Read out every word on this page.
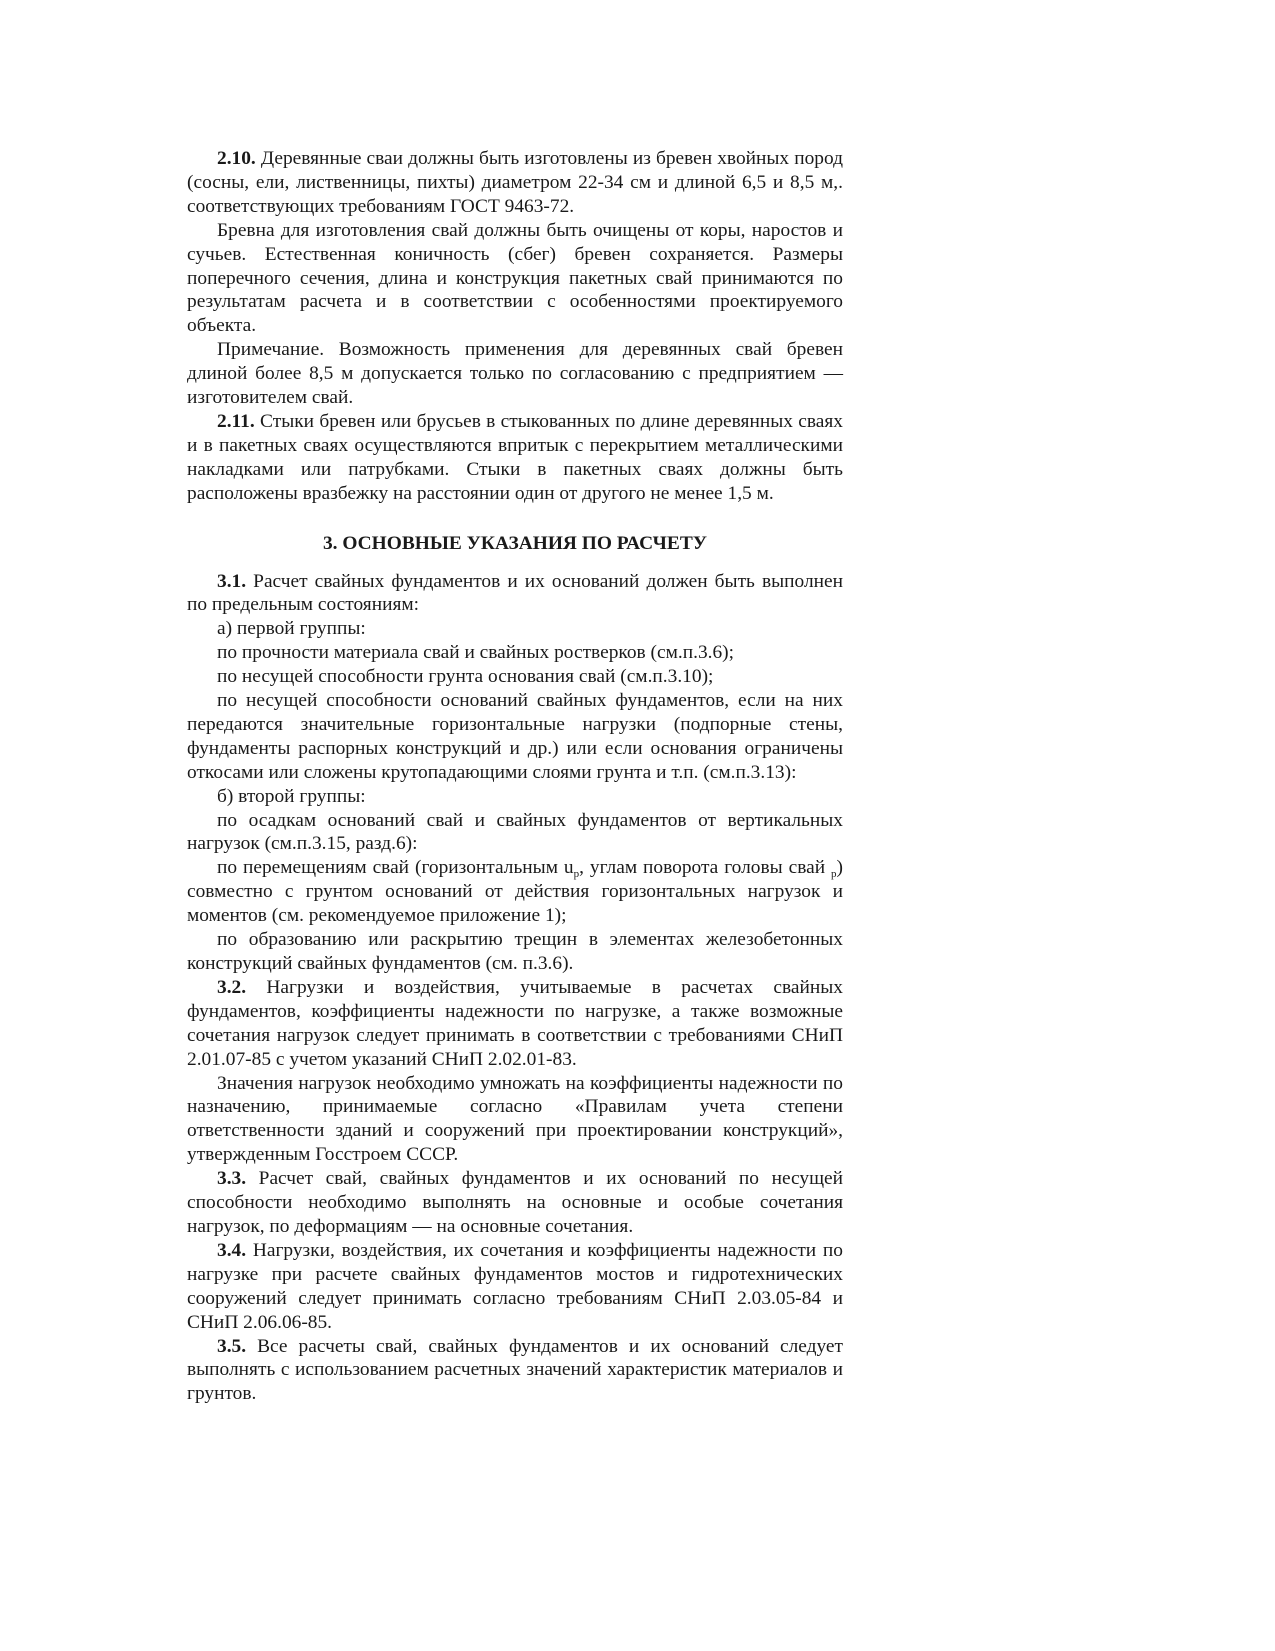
2.10. Деревянные сваи должны быть изготовлены из бревен хвойных пород (сосны, ели, лиственницы, пихты) диаметром 22-34 см и длиной 6,5 и 8,5 м,. соответствующих требованиям ГОСТ 9463-72.

Бревна для изготовления свай должны быть очищены от коры, наростов и сучьев. Естественная коничность (сбег) бревен сохраняется. Размеры поперечного сечения, длина и конструкция пакетных свай принимаются по результатам расчета и в соответствии с особенностями проектируемого объекта.

Примечание. Возможность применения для деревянных свай бревен длиной более 8,5 м допускается только по согласованию с предприятием — изготовителем свай.

2.11. Стыки бревен или брусьев в стыкованных по длине деревянных сваях и в пакетных сваях осуществляются впритык с перекрытием металлическими накладками или патрубками. Стыки в пакетных сваях должны быть расположены вразбежку на расстоянии один от другого не менее 1,5 м.

3. ОСНОВНЫЕ УКАЗАНИЯ ПО РАСЧЕТУ

3.1. Расчет свайных фундаментов и их оснований должен быть выполнен по предельным состояниям:

а) первой группы:

по прочности материала свай и свайных ростверков (см.п.3.6);

по несущей способности грунта основания свай (см.п.3.10);

по несущей способности оснований свайных фундаментов, если на них передаются значительные горизонтальные нагрузки (подпорные стены, фундаменты распорных конструкций и др.) или если основания ограничены откосами или сложены крутопадающими слоями грунта и т.п. (см.п.3.13):

б) второй группы:

по осадкам оснований свай и свайных фундаментов от вертикальных нагрузок (см.п.3.15, разд.6):

по перемещениям свай (горизонтальным $u_p$, углам поворота головы свай $_p$) совместно с грунтом оснований от действия горизонтальных нагрузок и моментов (см. рекомендуемое приложение 1);

по образованию или раскрытию трещин в элементах железобетонных конструкций свайных фундаментов (см. п.3.6).

3.2. Нагрузки и воздействия, учитываемые в расчетах свайных фундаментов, коэффициенты надежности по нагрузке, а также возможные сочетания нагрузок следует принимать в соответствии с требованиями СНиП 2.01.07-85 с учетом указаний СНиП 2.02.01-83.

Значения нагрузок необходимо умножать на коэффициенты надежности по назначению, принимаемые согласно «Правилам учета степени ответственности зданий и сооружений при проектировании конструкций», утвержденным Госстроем СССР.

3.3. Расчет свай, свайных фундаментов и их оснований по несущей способности необходимо выполнять на основные и особые сочетания нагрузок, по деформациям — на основные сочетания.

3.4. Нагрузки, воздействия, их сочетания и коэффициенты надежности по нагрузке при расчете свайных фундаментов мостов и гидротехнических сооружений следует принимать согласно требованиям СНиП 2.03.05-84 и СНиП 2.06.06-85.

3.5. Все расчеты свай, свайных фундаментов и их оснований следует выполнять с использованием расчетных значений характеристик материалов и грунтов.
